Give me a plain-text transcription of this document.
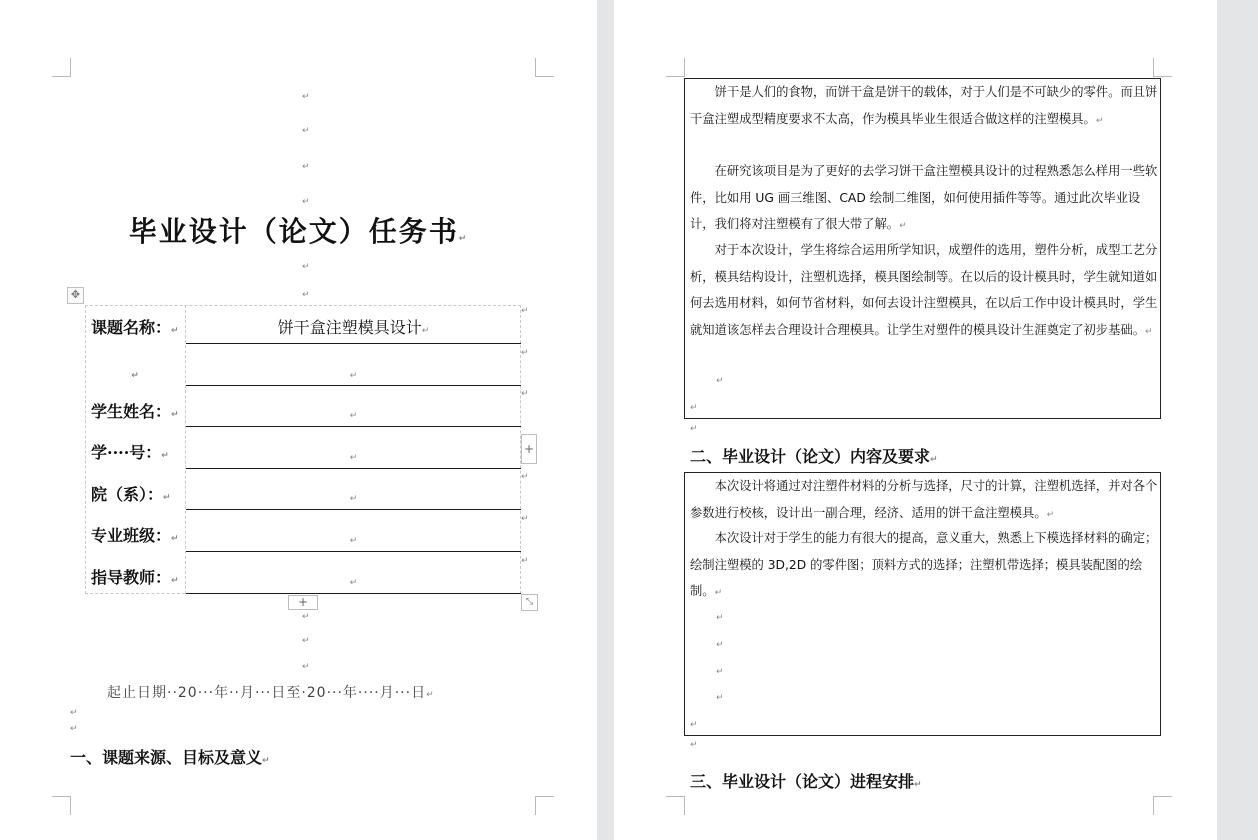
↵
↵
↵
↵
毕业设计（论文）任务书↵
↵
↵
✥
课题名称：↵	饼干盒注塑模具设计↵
↵	↵
学生姓名：↵	↵
学····号：↵	↵
院（系）：↵	↵
专业班级：↵	↵
指导教师：↵	↵
↵
↵
↵
↵
↵
↵
+
+	⤡
↵
↵
↵
起止日期··20···年··月···日至·20···年····月···日↵
↵
↵
一、课题来源、目标及意义↵
饼干是人们的食物，而饼干盒是饼干的载体，对于人们是不可缺少的零件。而且饼干盒注塑成型精度要求不太高，作为模具毕业生很适合做这样的注塑模具。↵
在研究该项目是为了更好的去学习饼干盒注塑模具设计的过程熟悉怎么样用一些软件，比如用 UG 画三维图、CAD 绘制二维图，如何使用插件等等。通过此次毕业设计，我们将对注塑模有了很大带了解。↵
对于本次设计，学生将综合运用所学知识，成塑件的选用，塑件分析，成型工艺分析，模具结构设计，注塑机选择，模具图绘制等。在以后的设计模具时，学生就知道如何去选用材料，如何节省材料，如何去设计注塑模具，在以后工作中设计模具时，学生就知道该怎样去合理设计合理模具。让学生对塑件的模具设计生涯奠定了初步基础。↵
↵
↵
↵
二、毕业设计（论文）内容及要求↵
本次设计将通过对注塑件材料的分析与选择，尺寸的计算，注塑机选择，并对各个参数进行校核，设计出一副合理，经济、适用的饼干盒注塑模具。↵
本次设计对于学生的能力有很大的提高，意义重大，熟悉上下模选择材料的确定；绘制注塑模的 3D,2D 的零件图；顶料方式的选择；注塑机带选择；模具装配图的绘制。↵
↵
↵
↵
↵
↵
↵
三、毕业设计（论文）进程安排↵
